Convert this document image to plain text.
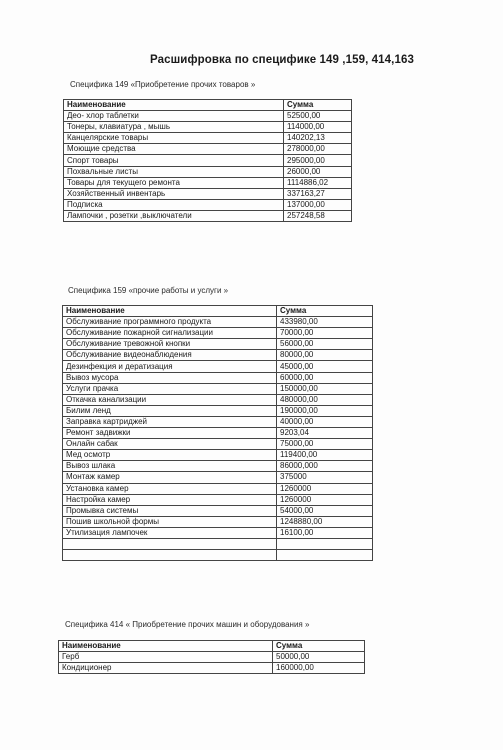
Расшифровка по специфике 149 ,159, 414,163
Специфика 149 «Приобретение прочих товаров »
Наименование	Сумма
Део- хлор таблетки	52500,00
Тонеры, клавиатура , мышь	114000,00
Канцелярские товары	140202,13
Моющие средства	278000,00
Спорт товары	295000,00
Похвальные листы	26000,00
Товары для текущего ремонта	1114886,02
Хозяйственный инвентарь	337163,27
Подписка	137000,00
Лампочки , розетки ,выключатели	257248,58
Специфика 159 «прочие работы и услуги »
Наименование	Сумма
Обслуживание программного продукта	433980,00
Обслуживание пожарной сигнализации	70000,00
Обслуживание тревожной кнопки	56000,00
Обслуживание видеонаблюдения	80000,00
Дезинфекция и дератизация	45000,00
Вывоз мусора	60000,00
Услуги прачка	150000,00
Откачка канализации	480000,00
Билим ленд	190000,00
Заправка картриджей	40000,00
Ремонт задвижки	9203,04
Онлайн сабак	75000,00
Мед осмотр	119400,00
Вывоз шлака	86000,000
Монтаж камер	375000
Установка камер	1260000
Настройка камер	1260000
Промывка системы	54000,00
Пошив школьной формы	1248880,00
Утилизация лампочек	16100,00

Специфика 414 « Приобретение прочих машин и оборудования »
Наименование	Сумма
Герб	50000,00
Кондиционер	160000,00
